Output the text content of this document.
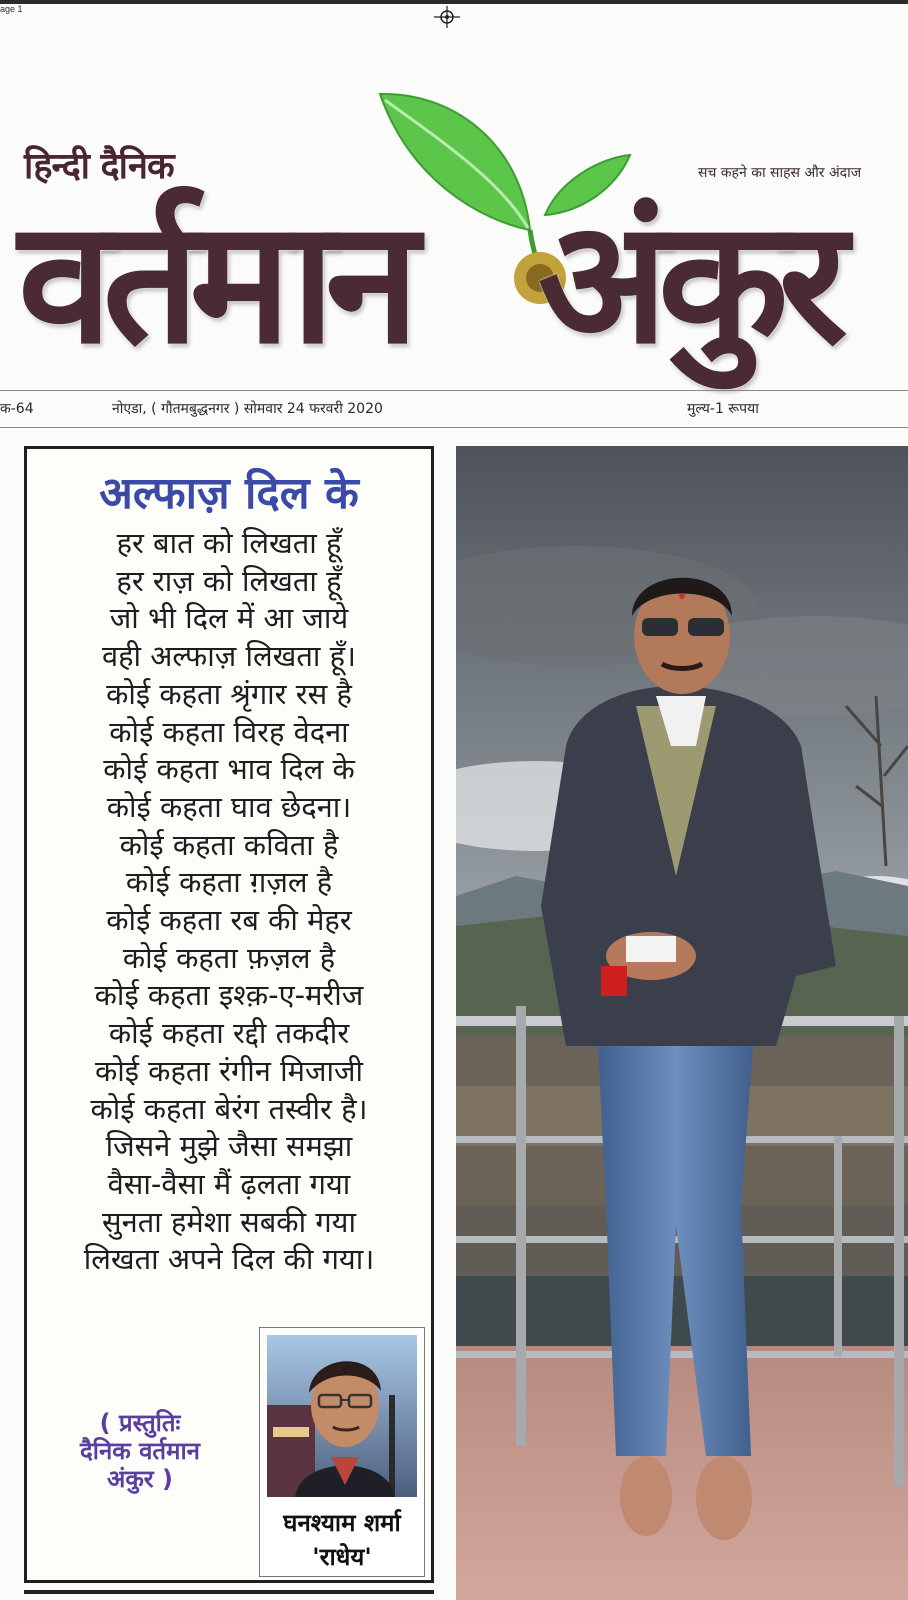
age 1
हिन्दी दैनिक	सच कहने का साहस और अंदाज
वर्तमान अंकुर
क-64	नोएडा, ( गौतमबुद्धनगर ) सोमवार 24 फरवरी 2020	मुल्य-1 रूपया
अल्फाज़ दिल के
हर बात को लिखता हूँ
हर राज़ को लिखता हूँ
जो भी दिल में आ जाये
वही अल्फाज़ लिखता हूँ।
कोई कहता श्रृंगार रस है
कोई कहता विरह वेदना
कोई कहता भाव दिल के
कोई कहता घाव छेदना।
कोई कहता कविता है
कोई कहता ग़ज़ल है
कोई कहता रब की मेहर
कोई कहता फ़ज़ल है
कोई कहता इश्क़-ए-मरीज
कोई कहता रद्दी तकदीर
कोई कहता रंगीन मिजाजी
कोई कहता बेरंग तस्वीर है।
जिसने मुझे जैसा समझा
वैसा-वैसा मैं ढ़लता गया
सुनता हमेशा सबकी गया
लिखता अपने दिल की गया।
( प्रस्तुतिः
दैनिक वर्तमान
अंकुर )
घनश्याम शर्मा
'राधेय'
